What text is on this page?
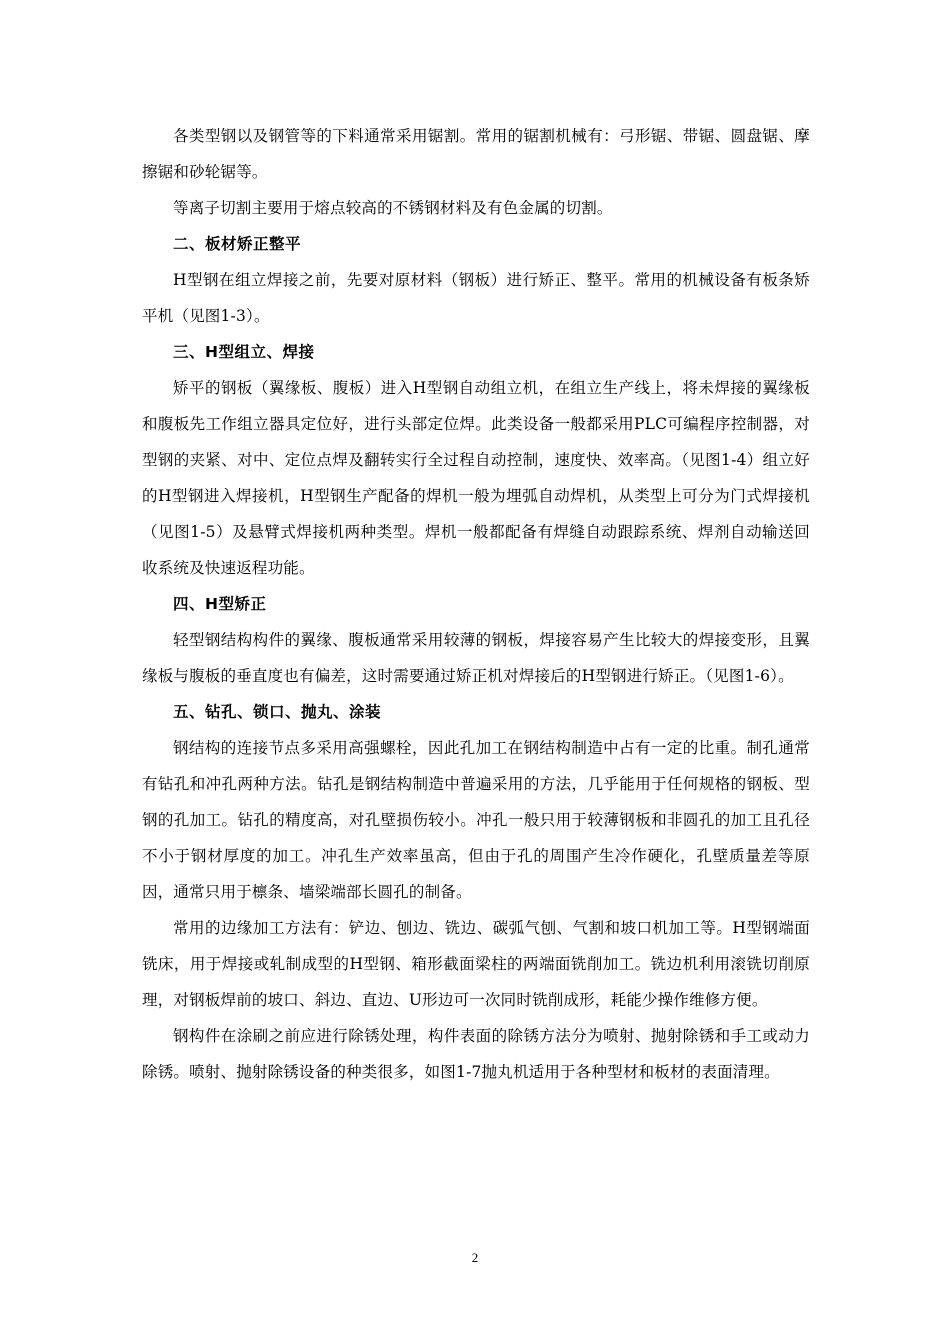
各类型钢以及钢管等的下料通常采用锯割。常用的锯割机械有：弓形锯、带锯、圆盘锯、摩擦锯和砂轮锯等。

等离子切割主要用于熔点较高的不锈钢材料及有色金属的切割。

二、板材矫正整平

H型钢在组立焊接之前，先要对原材料（钢板）进行矫正、整平。常用的机械设备有板条矫平机（见图1-3）。

三、H型组立、焊接

矫平的钢板（翼缘板、腹板）进入H型钢自动组立机，在组立生产线上，将未焊接的翼缘板和腹板先工作组立器具定位好，进行头部定位焊。此类设备一般都采用PLC可编程序控制器，对型钢的夹紧、对中、定位点焊及翻转实行全过程自动控制，速度快、效率高。（见图1-4）组立好的H型钢进入焊接机，H型钢生产配备的焊机一般为埋弧自动焊机，从类型上可分为门式焊接机（见图1-5）及悬臂式焊接机两种类型。焊机一般都配备有焊缝自动跟踪系统、焊剂自动输送回收系统及快速返程功能。

四、H型矫正

轻型钢结构构件的翼缘、腹板通常采用较薄的钢板，焊接容易产生比较大的焊接变形，且翼缘板与腹板的垂直度也有偏差，这时需要通过矫正机对焊接后的H型钢进行矫正。（见图1-6）。

五、钻孔、锁口、抛丸、涂装

钢结构的连接节点多采用高强螺栓，因此孔加工在钢结构制造中占有一定的比重。制孔通常有钻孔和冲孔两种方法。钻孔是钢结构制造中普遍采用的方法，几乎能用于任何规格的钢板、型钢的孔加工。钻孔的精度高，对孔壁损伤较小。冲孔一般只用于较薄钢板和非圆孔的加工且孔径不小于钢材厚度的加工。冲孔生产效率虽高，但由于孔的周围产生冷作硬化，孔壁质量差等原因，通常只用于檩条、墙梁端部长圆孔的制备。

常用的边缘加工方法有：铲边、刨边、铣边、碳弧气刨、气割和坡口机加工等。H型钢端面铣床，用于焊接或轧制成型的H型钢、箱形截面梁柱的两端面铣削加工。铣边机利用滚铣切削原理，对钢板焊前的坡口、斜边、直边、U形边可一次同时铣削成形，耗能少操作维修方便。

钢构件在涂刷之前应进行除锈处理，构件表面的除锈方法分为喷射、抛射除锈和手工或动力除锈。喷射、抛射除锈设备的种类很多，如图1-7抛丸机适用于各种型材和板材的表面清理。

2
